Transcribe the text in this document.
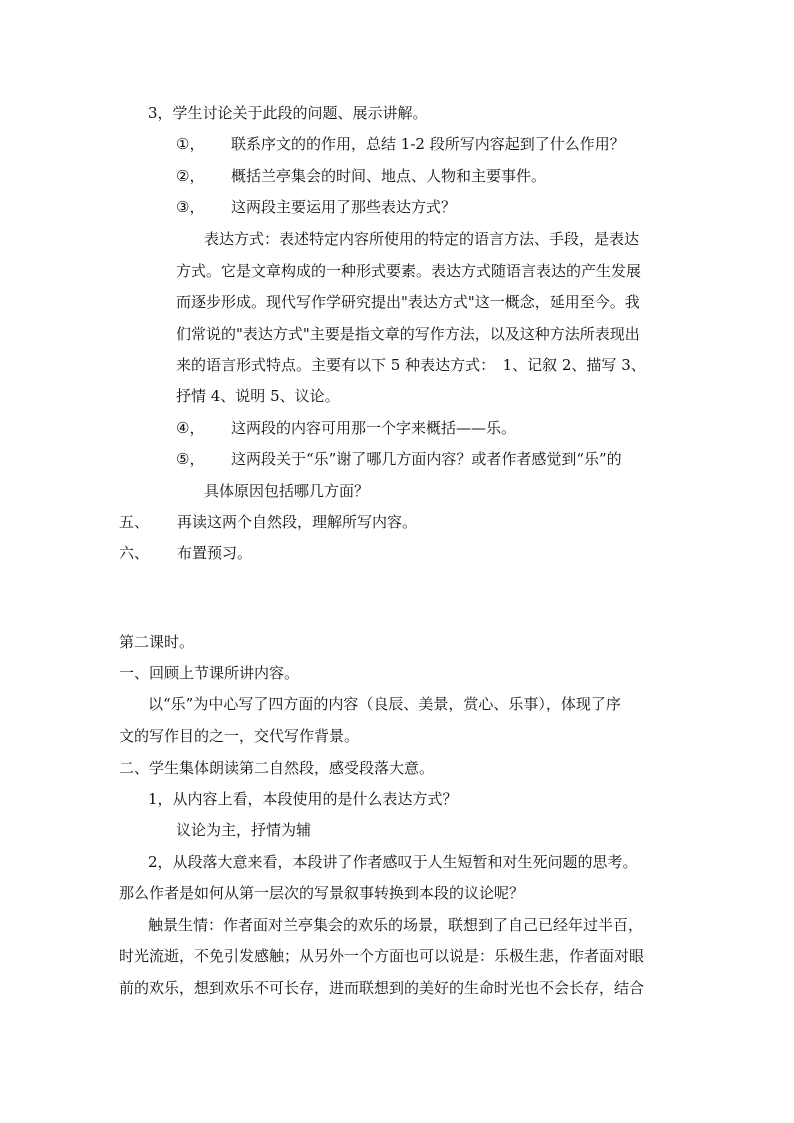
3，学生讨论关于此段的问题、展示讲解。
①， 联系序文的的作用，总结 1-2 段所写内容起到了什么作用？
②， 概括兰亭集会的时间、地点、人物和主要事件。
③， 这两段主要运用了那些表达方式？
表达方式：表述特定内容所使用的特定的语言方法、手段，是表达
方式。它是文章构成的一种形式要素。表达方式随语言表达的产生发展
而逐步形成。现代写作学研究提出"表达方式"这一概念，延用至今。我
们常说的"表达方式"主要是指文章的写作方法，以及这种方法所表现出
来的语言形式特点。主要有以下 5 种表达方式：　1、记叙 2、描写 3、
抒情 4、说明 5、议论。
④， 这两段的内容可用那一个字来概括——乐。
⑤， 这两段关于“乐”谢了哪几方面内容？或者作者感觉到“乐”的
具体原因包括哪几方面？
五、 再读这两个自然段，理解所写内容。
六、 布置预习。
第二课时。
一、回顾上节课所讲内容。
以“乐”为中心写了四方面的内容（良辰、美景，赏心、乐事），体现了序
文的写作目的之一，交代写作背景。
二、学生集体朗读第二自然段，感受段落大意。
1，从内容上看，本段使用的是什么表达方式？
议论为主，抒情为辅
2，从段落大意来看，本段讲了作者感叹于人生短暂和对生死问题的思考。
那么作者是如何从第一层次的写景叙事转换到本段的议论呢？
触景生情：作者面对兰亭集会的欢乐的场景，联想到了自己已经年过半百，
时光流逝，不免引发感触；从另外一个方面也可以说是：乐极生悲，作者面对眼
前的欢乐，想到欢乐不可长存，进而联想到的美好的生命时光也不会长存，结合
